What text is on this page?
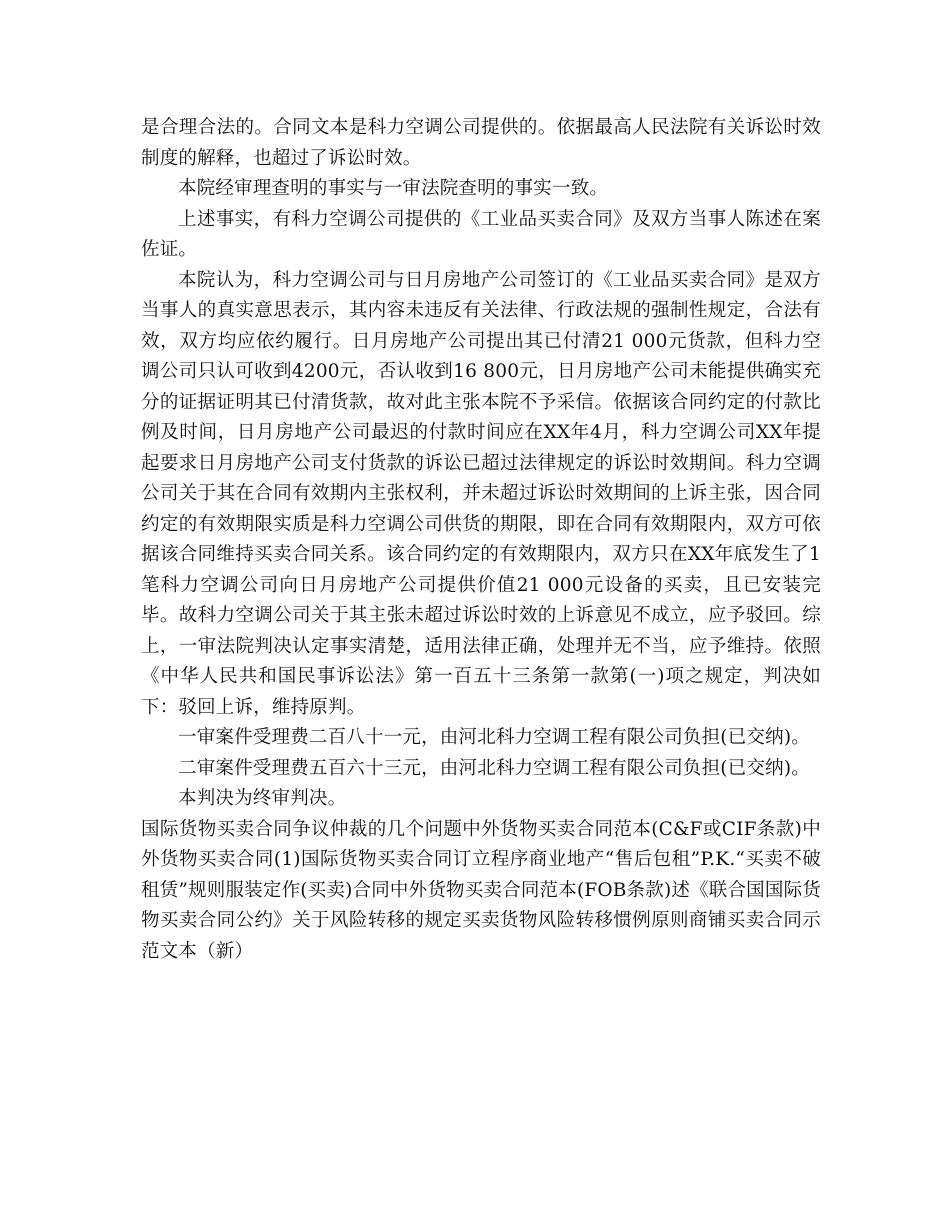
是合理合法的。合同文本是科力空调公司提供的。依据最高人民法院有关诉讼时效制度的解释，也超过了诉讼时效。

本院经审理查明的事实与一审法院查明的事实一致。

上述事实，有科力空调公司提供的《工业品买卖合同》及双方当事人陈述在案佐证。

本院认为，科力空调公司与日月房地产公司签订的《工业品买卖合同》是双方当事人的真实意思表示，其内容未违反有关法律、行政法规的强制性规定，合法有效，双方均应依约履行。日月房地产公司提出其已付清21 000元货款，但科力空调公司只认可收到4200元，否认收到16 800元，日月房地产公司未能提供确实充分的证据证明其已付清货款，故对此主张本院不予采信。依据该合同约定的付款比例及时间，日月房地产公司最迟的付款时间应在XX年4月，科力空调公司XX年提起要求日月房地产公司支付货款的诉讼已超过法律规定的诉讼时效期间。科力空调公司关于其在合同有效期内主张权利，并未超过诉讼时效期间的上诉主张，因合同约定的有效期限实质是科力空调公司供货的期限，即在合同有效期限内，双方可依据该合同维持买卖合同关系。该合同约定的有效期限内，双方只在XX年底发生了1笔科力空调公司向日月房地产公司提供价值21 000元设备的买卖，且已安装完毕。故科力空调公司关于其主张未超过诉讼时效的上诉意见不成立，应予驳回。综上，一审法院判决认定事实清楚，适用法律正确，处理并无不当，应予维持。依照《中华人民共和国民事诉讼法》第一百五十三条第一款第(一)项之规定，判决如下：驳回上诉，维持原判。

一审案件受理费二百八十一元，由河北科力空调工程有限公司负担(已交纳)。

二审案件受理费五百六十三元，由河北科力空调工程有限公司负担(已交纳)。

本判决为终审判决。

国际货物买卖合同争议仲裁的几个问题中外货物买卖合同范本(C&F或CIF条款)中外货物买卖合同(1)国际货物买卖合同订立程序商业地产“售后包租”P.K.“买卖不破租赁”规则服装定作(买卖)合同中外货物买卖合同范本(FOB条款)述《联合国国际货物买卖合同公约》关于风险转移的规定买卖货物风险转移惯例原则商铺买卖合同示范文本（新）
